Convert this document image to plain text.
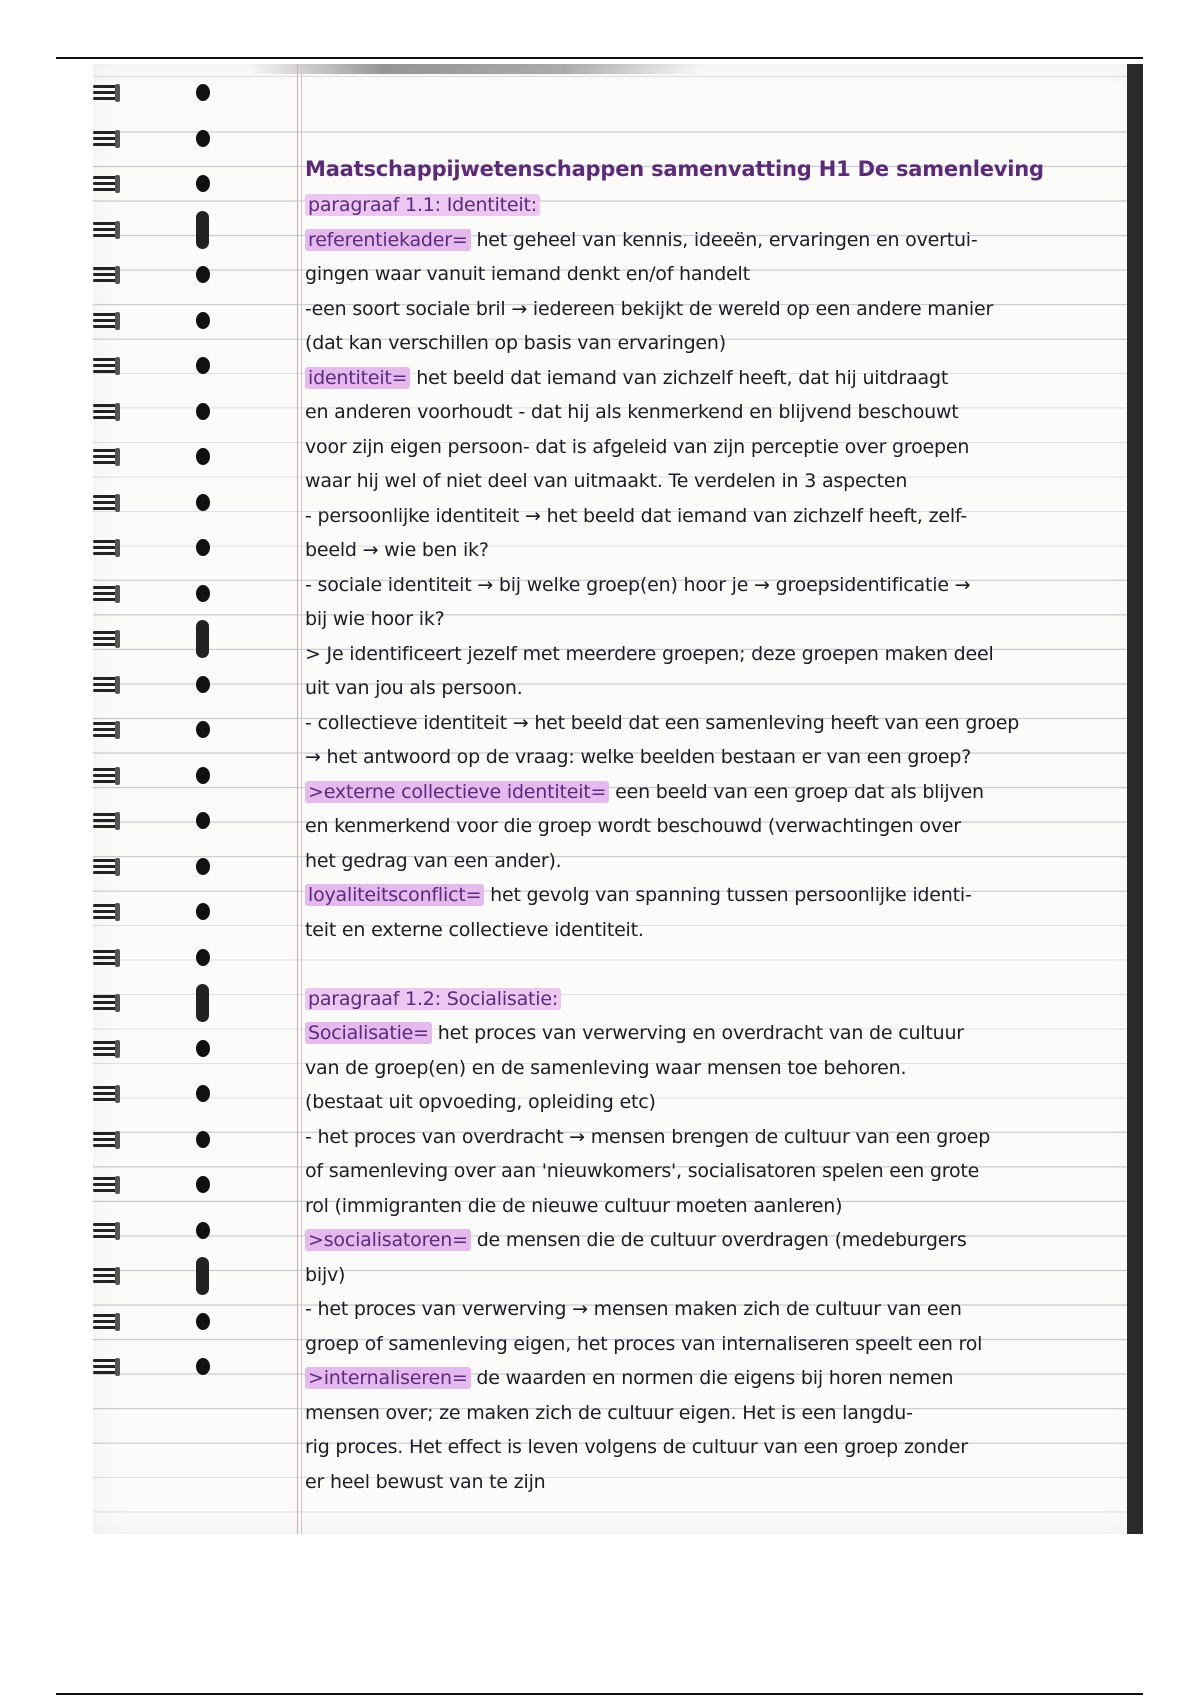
Maatschappijwetenschappen samenvatting H1 De samenleving
• paragraaf 1.1: Identiteit:
- referentiekader= het geheel van kennis, ideeën, ervaringen en overtui-
gingen waar vanuit iemand denkt en/of handelt
-een soort sociale bril → iedereen bekijkt de wereld op een andere manier
(dat kan verschillen op basis van ervaringen)
- identiteit= het beeld dat iemand van zichzelf heeft, dat hij uitdraagt
en anderen voorhoudt - dat hij als kenmerkend en blijvend beschouwt
voor zijn eigen persoon- dat is afgeleid van zijn perceptie over groepen
waar hij wel of niet deel van uitmaakt. Te verdelen in 3 aspecten
- persoonlijke identiteit → het beeld dat iemand van zichzelf heeft, zelf-
beeld → wie ben ik?
- sociale identiteit → bij welke groep(en) hoor je → groepsidentificatie →
bij wie hoor ik?
> Je identificeert jezelf met meerdere groepen; deze groepen maken deel
uit van jou als persoon.
- collectieve identiteit → het beeld dat een samenleving heeft van een groep
→ het antwoord op de vraag: welke beelden bestaan er van een groep?
>externe collectieve identiteit= een beeld van een groep dat als blijven
en kenmerkend voor die groep wordt beschouwd (verwachtingen over
het gedrag van een ander).
- loyaliteitsconflict= het gevolg van spanning tussen persoonlijke identi-
teit en externe collectieve identiteit.
• paragraaf 1.2: Socialisatie:
- Socialisatie= het proces van verwerving en overdracht van de cultuur
van de groep(en) en de samenleving waar mensen toe behoren.
(bestaat uit opvoeding, opleiding etc)
- het proces van overdracht → mensen brengen de cultuur van een groep
of samenleving over aan 'nieuwkomers', socialisatoren spelen een grote
rol (immigranten die de nieuwe cultuur moeten aanleren)
>socialisatoren= de mensen die de cultuur overdragen (medeburgers
bijv)
- het proces van verwerving → mensen maken zich de cultuur van een
groep of samenleving eigen, het proces van internaliseren speelt een rol
>internaliseren= de waarden en normen die eigens bij horen nemen
mensen over; ze maken zich de cultuur eigen. Het is een langdu-
rig proces. Het effect is leven volgens de cultuur van een groep zonder
er heel bewust van te zijn
